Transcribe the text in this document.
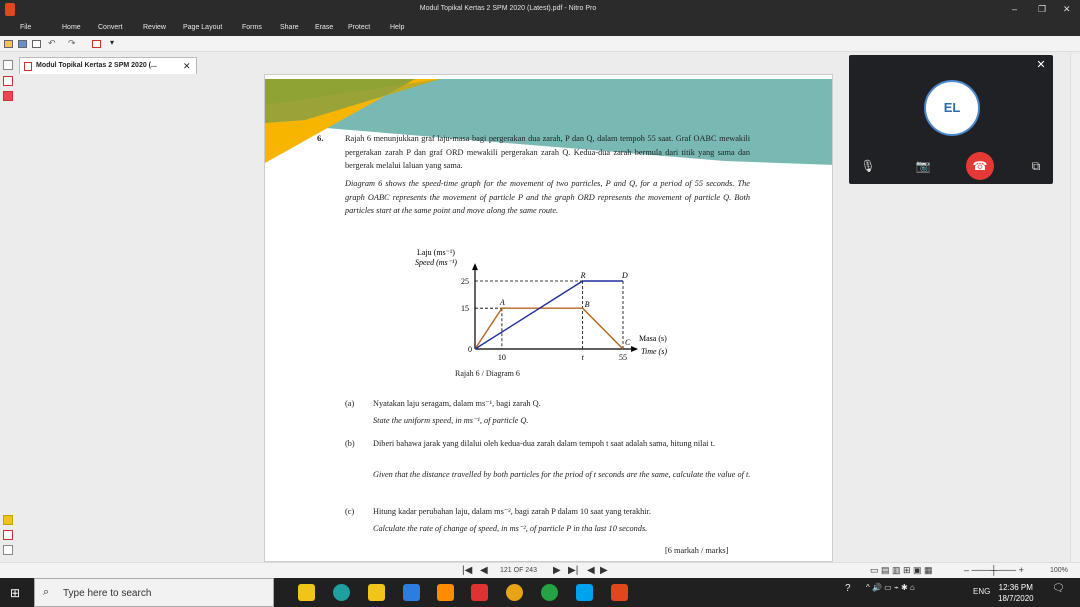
Modul Topikal Kertas 2 SPM 2020 (Latest).pdf - Nitro Pro	– ❐ ✕
File	Home Convert	Review Page Layout	Forms	Share Erase Protect	Help
↶ ↷	▾
Modul Topikal Kertas 2 SPM 2020 (...	✕
6.	Rajah 6 menunjukkan graf laju-masa bagi pergerakan dua zarah, P dan Q, dalam tempoh 55 saat. Graf OABC mewakili pergerakan zarah P dan graf ORD mewakili pergerakan zarah Q. Kedua-dua zarah bermula dari titik yang sama dan bergerak melalui laluan yang sama.
Diagram 6 shows the speed-time graph for the movement of two particles, P and Q, for a period of 55 seconds. The graph OABC represents the movement of particle P and the graph ORD represents the movement of particle Q. Both particles start at the same point and move along the same route.
Laju (ms⁻¹)
Speed (ms⁻¹)
Masa (s)
Time (s)
0
15
25
10	t	55
A	B
C
R	D
Rajah 6 / Diagram 6
(a) Nyatakan laju seragam, dalam ms⁻¹, bagi zarah Q.
State the uniform speed, in ms⁻¹, of particle Q.
(b) Diberi bahawa jarak yang dilalui oleh kedua-dua zarah dalam tempoh t saat adalah sama, hitung nilai t.
Given that the distance travelled by both particles for the priod of t seconds are the same, calculate the value of t.
(c) Hitung kadar perubahan laju, dalam ms⁻², bagi zarah P dalam 10 saat yang terakhir.
Calculate the rate of change of speed, in ms⁻², of particle P in tha last 10 seconds.
[6 markah / marks]
✕
EL
🎙	📷	☎	⧉
|◀ ◀ 121 OF 243 ▶ ▶| ◀ ▶	▭ ▤ ▥ ⊞ ▣ ▦	– ───┼─── +	100%
⊞ ⌕ Type here to search	? ^ 🔊 ▭ ⌁ ✱ ⌂	ENG 12:36 PM
18/7/2020
🗨
